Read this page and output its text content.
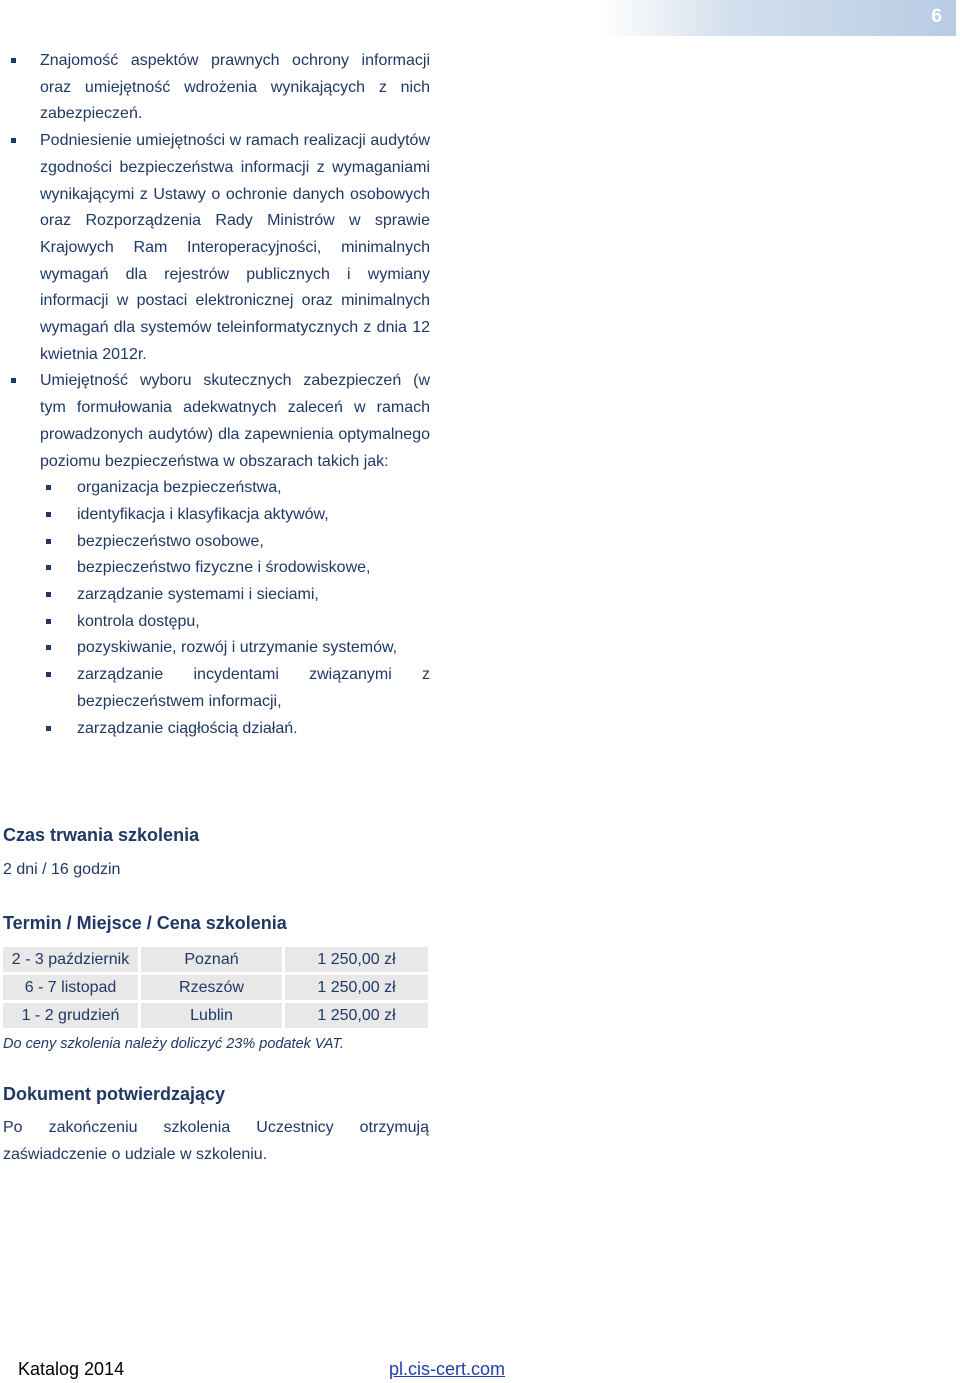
6
Znajomość aspektów prawnych ochrony informacji oraz umiejętność wdrożenia wynikających z nich zabezpieczeń.
Podniesienie umiejętności w ramach realizacji audytów zgodności bezpieczeństwa informacji z wymaganiami wynikającymi z Ustawy o ochronie danych osobowych oraz Rozporządzenia Rady Ministrów w sprawie Krajowych Ram Interoperacyjności, minimalnych wymagań dla rejestrów publicznych i wymiany informacji w postaci elektronicznej oraz minimalnych wymagań dla systemów teleinformatycznych z dnia 12 kwietnia 2012r.
Umiejętność wyboru skutecznych zabezpieczeń (w tym formułowania adekwatnych zaleceń w ramach prowadzonych audytów) dla zapewnienia optymalnego poziomu bezpieczeństwa w obszarach takich jak:
organizacja bezpieczeństwa,
identyfikacja i klasyfikacja aktywów,
bezpieczeństwo osobowe,
bezpieczeństwo fizyczne i środowiskowe,
zarządzanie systemami i sieciami,
kontrola dostępu,
pozyskiwanie, rozwój i utrzymanie systemów,
zarządzanie incydentami związanymi z bezpieczeństwem informacji,
zarządzanie ciągłością działań.
Czas trwania szkolenia
2 dni / 16 godzin
Termin / Miejsce / Cena szkolenia
2 - 3 październik	Poznań	1 250,00 zł
6 - 7 listopad	Rzeszów	1 250,00 zł
1 - 2 grudzień	Lublin	1 250,00 zł
Do ceny szkolenia należy doliczyć 23% podatek VAT.
Dokument potwierdzający
Po zakończeniu szkolenia Uczestnicy otrzymują zaświadczenie o udziale w szkoleniu.
Katalog 2014	pl.cis-cert.com
